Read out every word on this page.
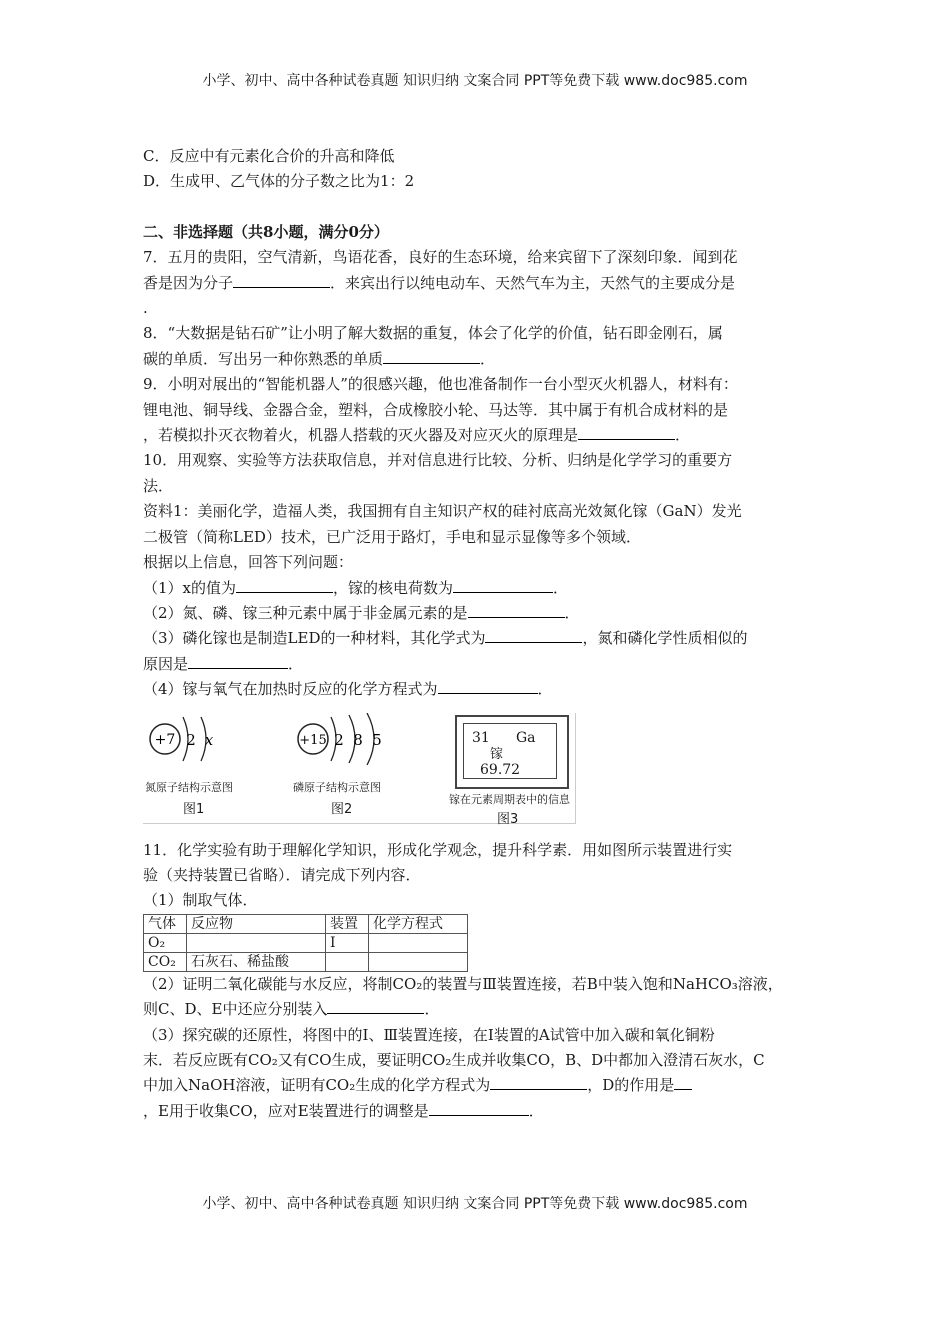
小学、初中、高中各种试卷真题 知识归纳 文案合同 PPT等免费下载 www.doc985.com

C．反应中有元素化合价的升高和降低

D．生成甲、乙气体的分子数之比为1：2

二、非选择题（共8小题，满分0分）

7．五月的贵阳，空气清新，鸟语花香，良好的生态环境，给来宾留下了深刻印象．闻到花

香是因为分子	．来宾出行以纯电动车、天然气车为主，天然气的主要成分是

.

8．“大数据是钻石矿”让小明了解大数据的重复，体会了化学的价值，钻石即金刚石，属

碳的单质．写出另一种你熟悉的单质	．

9．小明对展出的“智能机器人”的很感兴趣，他也准备制作一台小型灭火机器人，材料有：

锂电池、铜导线、金器合金，塑料，合成橡胶小轮、马达等．其中属于有机合成材料的是

，若模拟扑灭衣物着火，机器人搭载的灭火器及对应灭火的原理是	．

10．用观察、实验等方法获取信息，并对信息进行比较、分析、归纳是化学学习的重要方

法．

资料1：美丽化学，造福人类，我国拥有自主知识产权的硅衬底高光效氮化镓（GaN）发光

二极管（简称LED）技术，已广泛用于路灯，手电和显示显像等多个领域．

根据以上信息，回答下列问题：

（1）x的值为	，镓的核电荷数为	．

（2）氮、磷、镓三种元素中属于非金属元素的是	．

（3）磷化镓也是制造LED的一种材料，其化学式为	，氮和磷化学性质相似的

原因是	．

（4）镓与氧气在加热时反应的化学方程式为	．

+7 2 x
氮原子结构示意图
图1
+15 2 8 5
磷原子结构示意图
图2
31 Ga
镓
69.72
镓在元素周期表中的信息
图3

11．化学实验有助于理解化学知识，形成化学观念，提升科学素．用如图所示装置进行实

验（夹持装置已省略）．请完成下列内容．

（1）制取气体．

气体	反应物	装置	化学方程式
O₂		Ⅰ	
CO₂	石灰石、稀盐酸		

（2）证明二氧化碳能与水反应，将制CO₂的装置与Ⅲ装置连接，若B中装入饱和NaHCO₃溶液，

则C、D、E中还应分别装入	．

（3）探究碳的还原性，将图中的Ⅰ、Ⅲ装置连接，在Ⅰ装置的A试管中加入碳和氧化铜粉

末．若反应既有CO₂又有CO生成，要证明CO₂生成并收集CO，B、D中都加入澄清石灰水，C

中加入NaOH溶液，证明有CO₂生成的化学方程式为	，D的作用是

，E用于收集CO，应对E装置进行的调整是	．

小学、初中、高中各种试卷真题 知识归纳 文案合同 PPT等免费下载 www.doc985.com
